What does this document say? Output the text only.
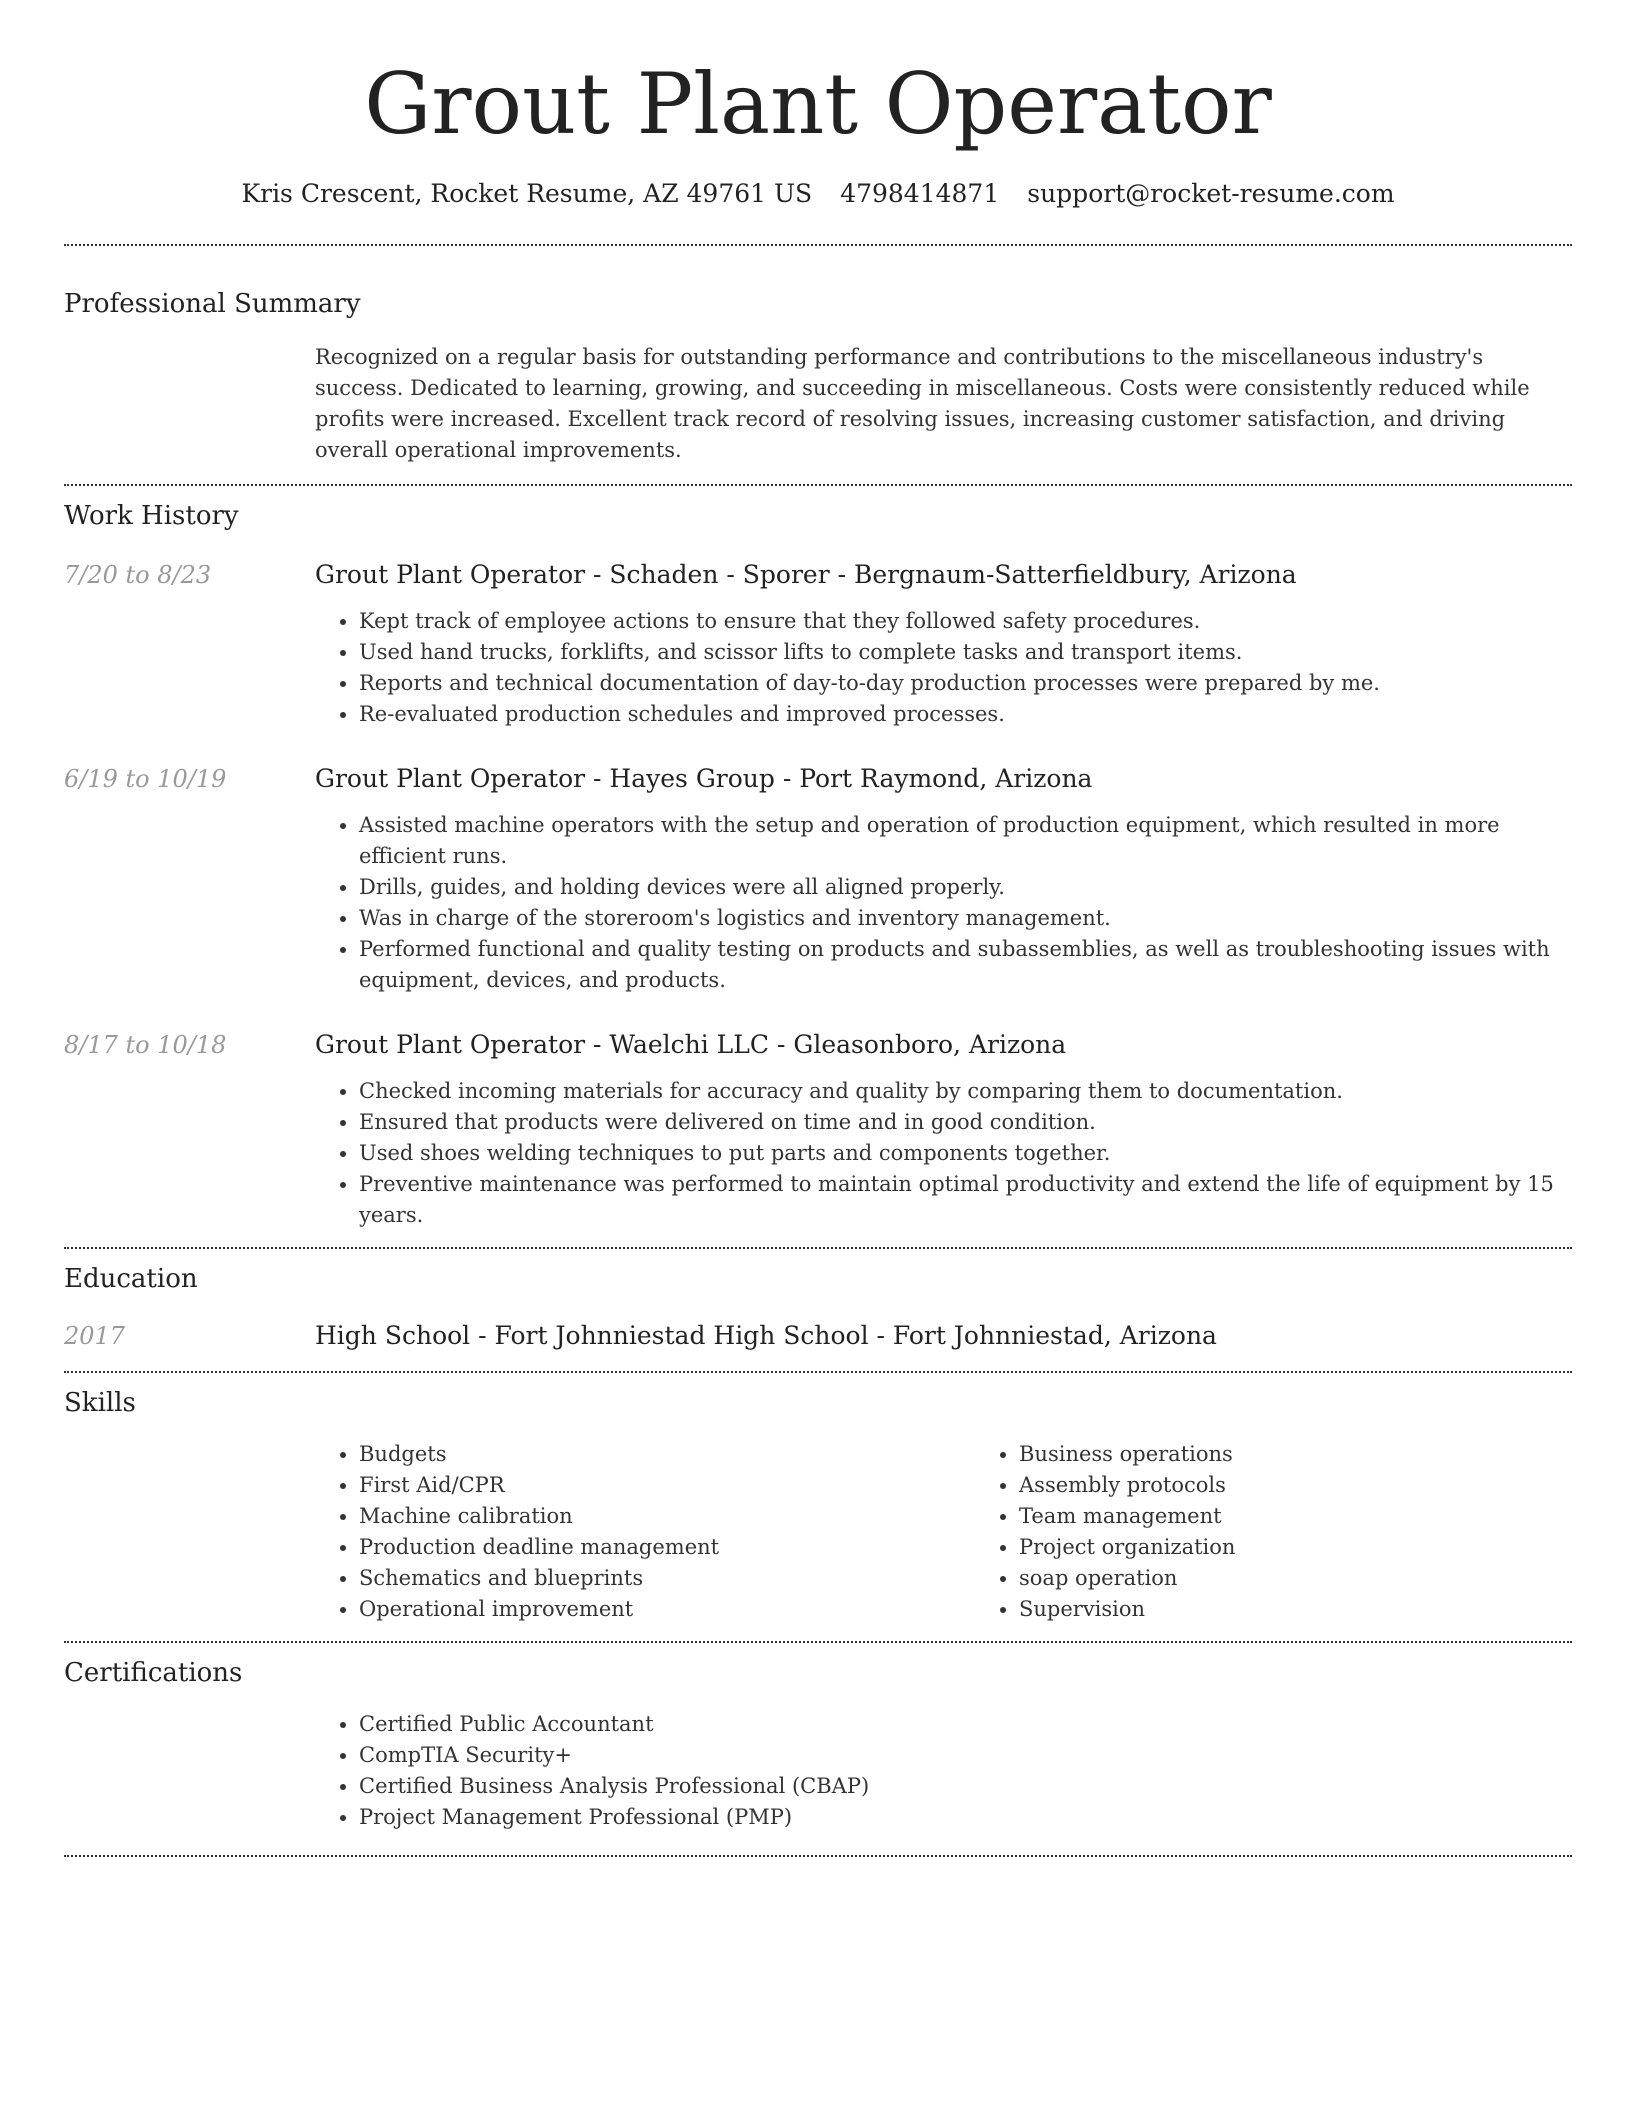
Grout Plant Operator
Kris Crescent, Rocket Resume, AZ 49761 US 4798414871 support@rocket-resume.com
Professional Summary
Recognized on a regular basis for outstanding performance and contributions to the miscellaneous industry's success. Dedicated to learning, growing, and succeeding in miscellaneous. Costs were consistently reduced while profits were increased. Excellent track record of resolving issues, increasing customer satisfaction, and driving overall operational improvements.
Work History
7/20 to 8/23	Grout Plant Operator - Schaden - Sporer - Bergnaum-Satterfieldbury, Arizona
• Kept track of employee actions to ensure that they followed safety procedures.
• Used hand trucks, forklifts, and scissor lifts to complete tasks and transport items.
• Reports and technical documentation of day-to-day production processes were prepared by me.
• Re-evaluated production schedules and improved processes.
6/19 to 10/19	Grout Plant Operator - Hayes Group - Port Raymond, Arizona
• Assisted machine operators with the setup and operation of production equipment, which resulted in more efficient runs.
• Drills, guides, and holding devices were all aligned properly.
• Was in charge of the storeroom's logistics and inventory management.
• Performed functional and quality testing on products and subassemblies, as well as troubleshooting issues with equipment, devices, and products.
8/17 to 10/18	Grout Plant Operator - Waelchi LLC - Gleasonboro, Arizona
• Checked incoming materials for accuracy and quality by comparing them to documentation.
• Ensured that products were delivered on time and in good condition.
• Used shoes welding techniques to put parts and components together.
• Preventive maintenance was performed to maintain optimal productivity and extend the life of equipment by 15 years.
Education
2017	High School - Fort Johnniestad High School - Fort Johnniestad, Arizona
Skills
• Budgets
• First Aid/CPR
• Machine calibration
• Production deadline management
• Schematics and blueprints
• Operational improvement
• Business operations
• Assembly protocols
• Team management
• Project organization
• soap operation
• Supervision
Certifications
• Certified Public Accountant
• CompTIA Security+
• Certified Business Analysis Professional (CBAP)
• Project Management Professional (PMP)
